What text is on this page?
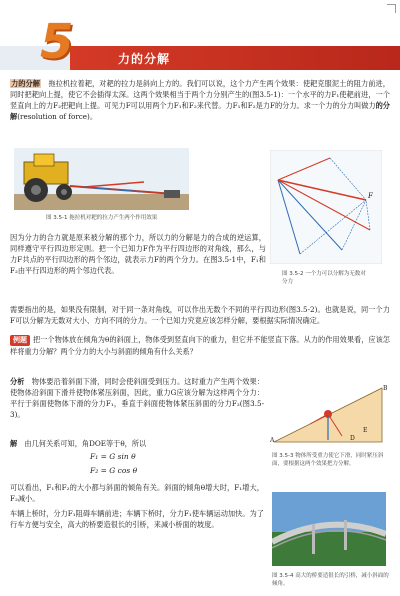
5	力的分解
力的分解　拖拉机拉着耙，对耙的拉力是斜向上方的。我们可以说，这个力产生两个效果：使耙克服泥土的阻力前进，同时把耙向上提，使它不会插得太深。这两个效果相当于两个力分别产生的(图3.5-1)：一个水平的力F₁使耙前进，一个竖直向上的力F₂把耙向上提。可见力F可以用两个力F₁和F₂来代替。力F₁和F₂是力F的分力。求一个力的分力叫做力的分解(resolution of force)。
图 3.5-1 拖拉机对耙的拉力产生两个作用效果
F
图 3.5-2 一个力可以分解为无数对分力
因为分力的合力就是原来被分解的那个力，所以力的分解是力的合成的逆运算，同样遵守平行四边形定则。把一个已知力F作为平行四边形的对角线，那么，与力F共点的平行四边形的两个邻边，就表示力F的两个分力。在图3.5-1中，F₁和F₂由平行四边形的两个邻边代表。
需要指出的是，如果没有限制，对于同一条对角线，可以作出无数个不同的平行四边形(图3.5-2)。也就是说，同一个力F可以分解为无数对大小、方向不同的分力。一个已知力究竟应该怎样分解，要根据实际情况确定。
例题 把一个物体放在倾角为θ的斜面上，物体受到竖直向下的重力，但它并不能竖直下落。从力的作用效果看，应该怎样将重力分解？两个分力的大小与斜面的倾角有什么关系？
分析　物体要沿着斜面下滑，同时会使斜面受到压力。这时重力产生两个效果：使物体沿斜面下滑并使物体紧压斜面，因此，重力G应该分解为这样两个分力：平行于斜面使物体下滑的分力F₁，垂直于斜面使物体紧压斜面的分力F₂(图3.5-3)。
A
B
D
E
图 3.5-3 物体所受重力使它下滑，同时紧压斜面，要根据这两个效果把力分解。
解　由几何关系可知，角DOE等于θ，所以
F₁ = G sin θ
F₂ = G cos θ
可以看出，F₁和F₂的大小都与斜面的倾角有关。斜面的倾角θ增大时，F₁增大，F₂减小。
车辆上桥时，分力F₁阻碍车辆前进；车辆下桥时，分力F₁使车辆运动加快。为了行车方便与安全，高大的桥要造很长的引桥，来减小桥面的坡度。
图 3.5-4 高大的桥要造很长的引桥，减小斜面的倾角。
